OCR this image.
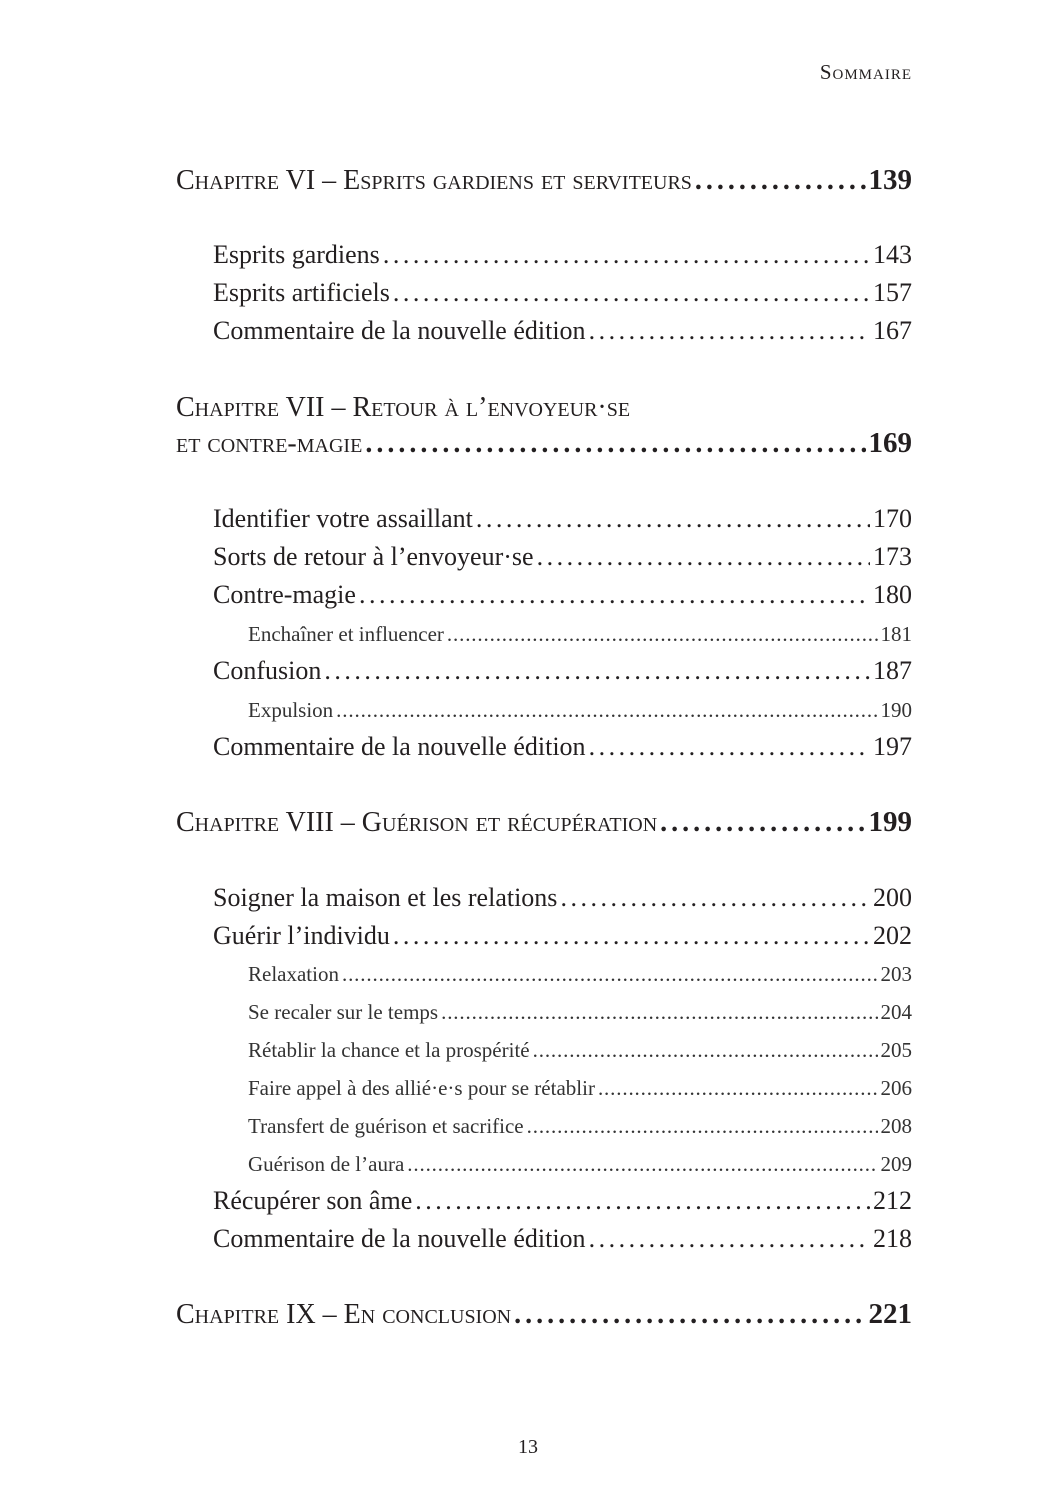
Sommaire
Chapitre VI – Esprits gardiens et serviteurs . . .	139
Esprits gardiens . . .	143
Esprits artificiels . . .	157
Commentaire de la nouvelle édition . . .	167
Chapitre VII – Retour à l’envoyeur·se
et contre-magie . . .	169
Identifier votre assaillant . . .	170
Sorts de retour à l’envoyeur·se . . .	173
Contre-magie . . .	180
Enchaîner et influencer . . .	181
Confusion . . .	187
Expulsion . . .	190
Commentaire de la nouvelle édition . . .	197
Chapitre VIII – Guérison et récupération . . .	199
Soigner la maison et les relations . . .	200
Guérir l’individu . . .	202
Relaxation . . .	203
Se recaler sur le temps . . .	204
Rétablir la chance et la prospérité . . .	205
Faire appel à des allié·e·s pour se rétablir . . .	206
Transfert de guérison et sacrifice . . .	208
Guérison de l’aura . . .	209
Récupérer son âme . . .	212
Commentaire de la nouvelle édition . . .	218
Chapitre IX – En conclusion . . .	221
13
